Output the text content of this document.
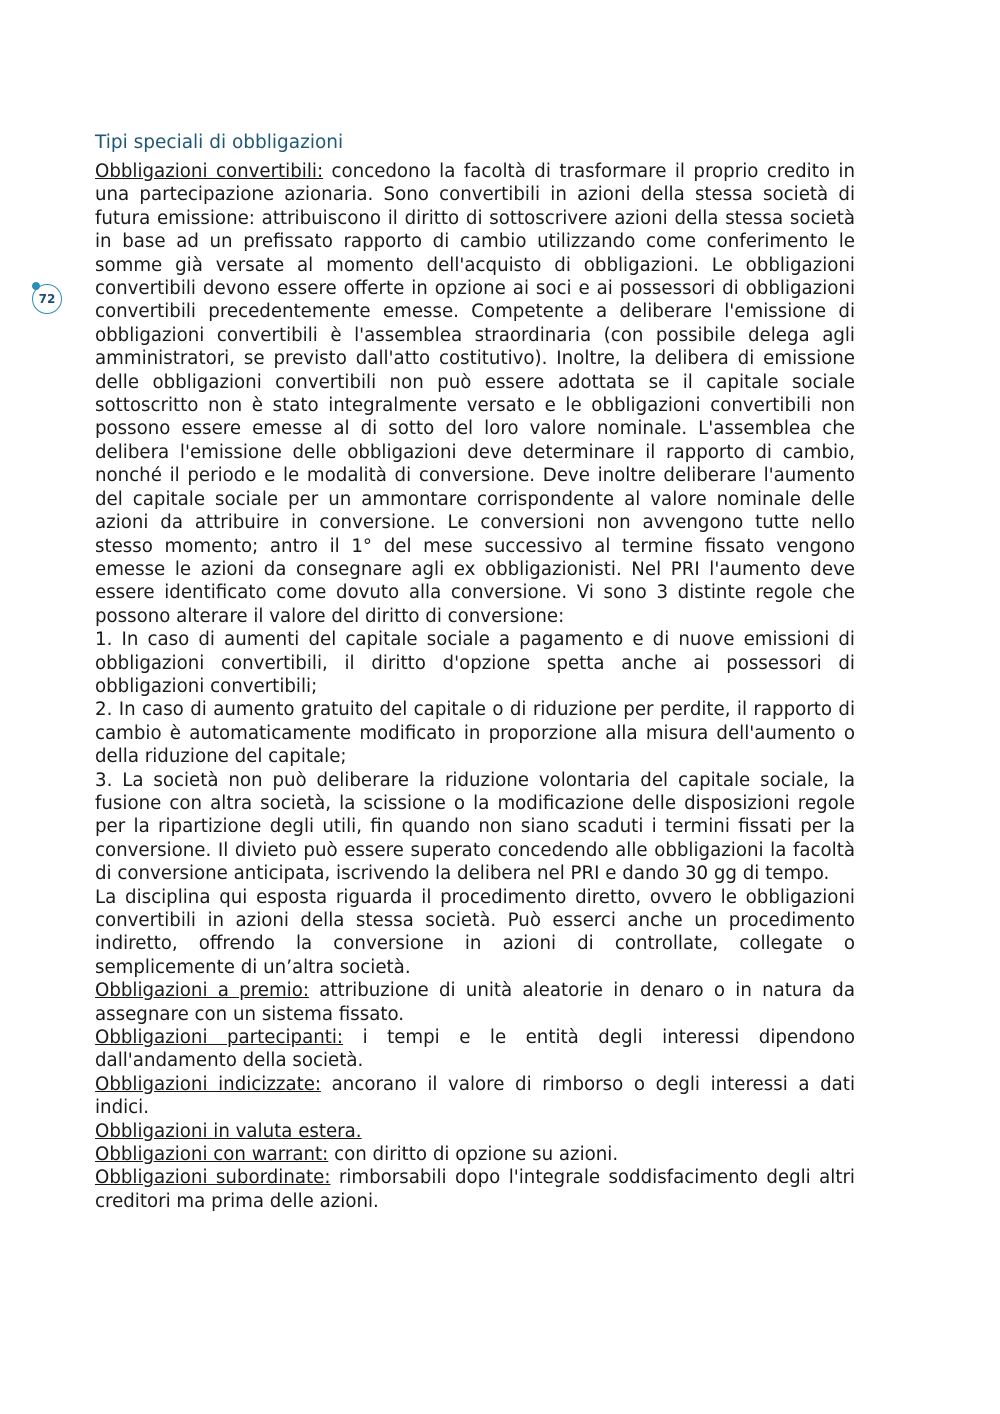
72
Tipi speciali di obbligazioni

Obbligazioni convertibili: concedono la facoltà di trasformare il proprio credito in una partecipazione azionaria. Sono convertibili in azioni della stessa società di futura emissione: attribuiscono il diritto di sottoscrivere azioni della stessa società in base ad un prefissato rapporto di cambio utilizzando come conferimento le somme già versate al momento dell'acquisto di obbligazioni. Le obbligazioni convertibili devono essere offerte in opzione ai soci e ai possessori di obbligazioni convertibili precedentemente emesse. Competente a deliberare l'emissione di obbligazioni convertibili è l'assemblea straordinaria (con possibile delega agli amministratori, se previsto dall'atto costitutivo). Inoltre, la delibera di emissione delle obbligazioni convertibili non può essere adottata se il capitale sociale sottoscritto non è stato integralmente versato e le obbligazioni convertibili non possono essere emesse al di sotto del loro valore nominale. L'assemblea che delibera l'emissione delle obbligazioni deve determinare il rapporto di cambio, nonché il periodo e le modalità di conversione. Deve inoltre deliberare l'aumento del capitale sociale per un ammontare corrispondente al valore nominale delle azioni da attribuire in conversione. Le conversioni non avvengono tutte nello stesso momento; antro il 1° del mese successivo al termine fissato vengono emesse le azioni da consegnare agli ex obbligazionisti. Nel PRI l'aumento deve essere identificato come dovuto alla conversione. Vi sono 3 distinte regole che possono alterare il valore del diritto di conversione:

1. In caso di aumenti del capitale sociale a pagamento e di nuove emissioni di obbligazioni convertibili, il diritto d'opzione spetta anche ai possessori di obbligazioni convertibili;

2. In caso di aumento gratuito del capitale o di riduzione per perdite, il rapporto di cambio è automaticamente modificato in proporzione alla misura dell'aumento o della riduzione del capitale;

3. La società non può deliberare la riduzione volontaria del capitale sociale, la fusione con altra società, la scissione o la modificazione delle disposizioni regole per la ripartizione degli utili, fin quando non siano scaduti i termini fissati per la conversione. Il divieto può essere superato concedendo alle obbligazioni la facoltà di conversione anticipata, iscrivendo la delibera nel PRI e dando 30 gg di tempo.

La disciplina qui esposta riguarda il procedimento diretto, ovvero le obbligazioni convertibili in azioni della stessa società. Può esserci anche un procedimento indiretto, offrendo la conversione in azioni di controllate, collegate o semplicemente di un’altra società.

Obbligazioni a premio: attribuzione di unità aleatorie in denaro o in natura da assegnare con un sistema fissato.

Obbligazioni partecipanti: i tempi e le entità degli interessi dipendono dall'andamento della società.

Obbligazioni indicizzate: ancorano il valore di rimborso o degli interessi a dati indici.

Obbligazioni in valuta estera.

Obbligazioni con warrant: con diritto di opzione su azioni.

Obbligazioni subordinate: rimborsabili dopo l'integrale soddisfacimento degli altri creditori ma prima delle azioni.
